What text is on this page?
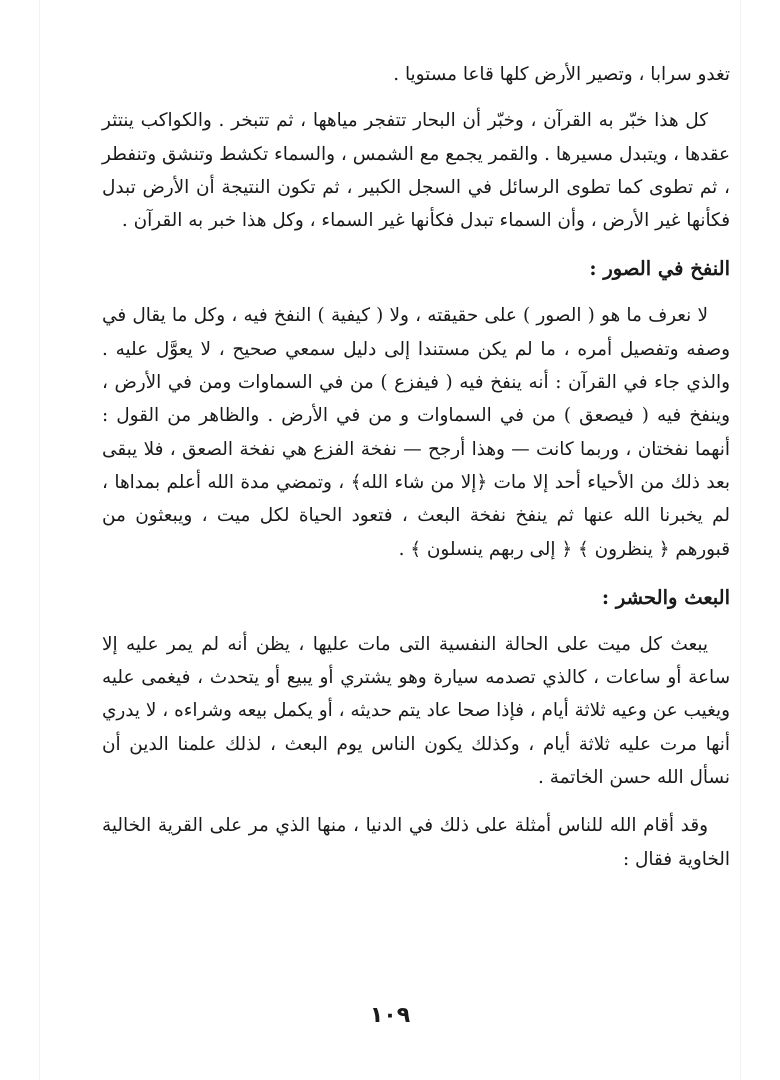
تغدو سرابا ، وتصير الأرض كلها قاعا مستويا .

كل هذا خبّر به القرآن ، وخبّر أن البحار تتفجر مياهها ، ثم تتبخر . والكواكب ينتثر عقدها ، ويتبدل مسيرها . والقمر يجمع مع الشمس ، والسماء تكشط وتنشق وتنفطر ، ثم تطوى كما تطوى الرسائل في السجل الكبير ، ثم تكون النتيجة أن الأرض تبدل فكأنها غير الأرض ، وأن السماء تبدل فكأنها غير السماء ، وكل هذا خبر به القرآن .

النفخ في الصور :

لا نعرف ما هو ( الصور ) على حقيقته ، ولا ( كيفية ) النفخ فيه ، وكل ما يقال في وصفه وتفصيل أمره ، ما لم يكن مستندا إلى دليل سمعي صحيح ، لا يعوَّل عليه . والذي جاء في القرآن : أنه ينفخ فيه ( فيفزع ) من في السماوات ومن في الأرض ، وينفخ فيه ( فيصعق ) من في السماوات و من في الأرض . والظاهر من القول : أنهما نفختان ، وربما كانت — وهذا أرجح — نفخة الفزع هي نفخة الصعق ، فلا يبقى بعد ذلك من الأحياء أحد إلا مات ﴿إلا من شاء الله﴾ ، وتمضي مدة الله أعلم بمداها ، لم يخبرنا الله عنها ثم ينفخ نفخة البعث ، فتعود الحياة لكل ميت ، ويبعثون من قبورهم ﴿ ينظرون ﴾ ﴿ إلى ربهم ينسلون ﴾ .

البعث والحشر :

يبعث كل ميت على الحالة النفسية التى مات عليها ، يظن أنه لم يمر عليه إلا ساعة أو ساعات ، كالذي تصدمه سيارة وهو يشتري أو يبيع أو يتحدث ، فيغمى عليه ويغيب عن وعيه ثلاثة أيام ، فإذا صحا عاد يتم حديثه ، أو يكمل بيعه وشراءه ، لا يدري أنها مرت عليه ثلاثة أيام ، وكذلك يكون الناس يوم البعث ، لذلك علمنا الدين أن نسأل الله حسن الخاتمة .

وقد أقام الله للناس أمثلة على ذلك في الدنيا ، منها الذي مر على القرية الخالية الخاوية فقال :

١٠٩
